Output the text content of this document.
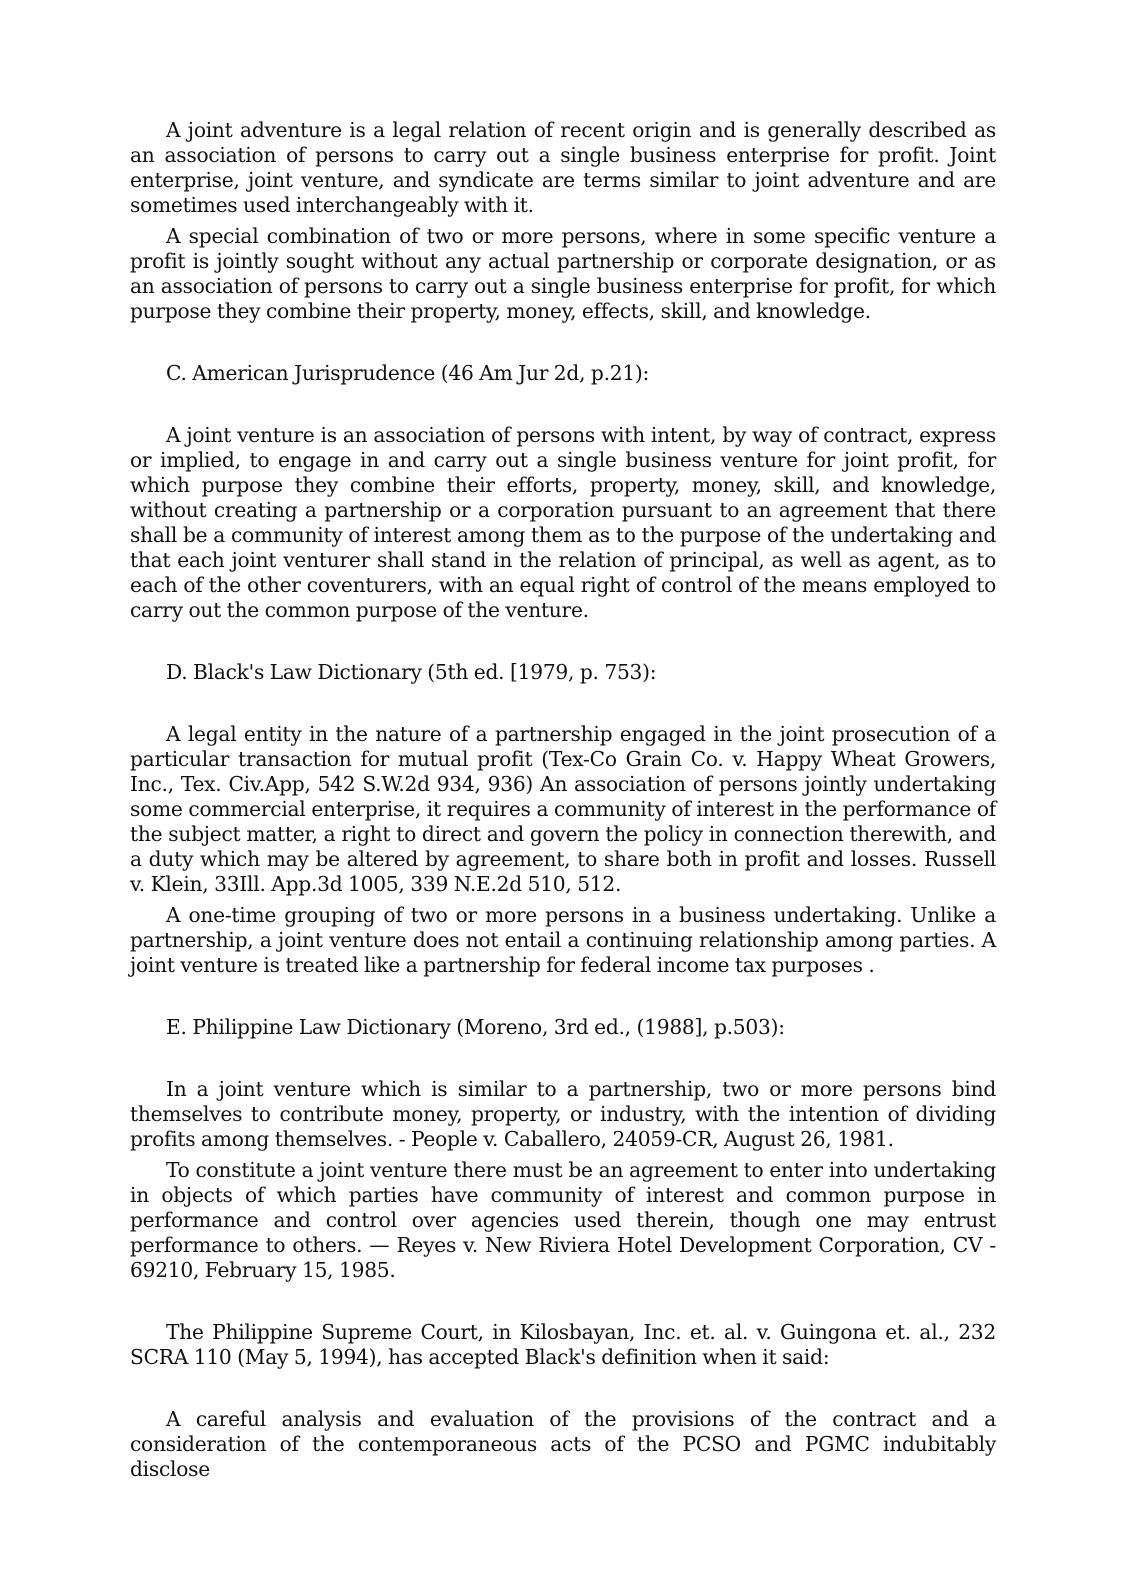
A joint adventure is a legal relation of recent origin and is generally described as an association of persons to carry out a single business enterprise for profit. Joint enterprise, joint venture, and syndicate are terms similar to joint adventure and are sometimes used interchangeably with it.

A special combination of two or more persons, where in some specific venture a profit is jointly sought without any actual partnership or corporate designation, or as an association of persons to carry out a single business enterprise for profit, for which purpose they combine their property, money, effects, skill, and knowledge.

C. American Jurisprudence (46 Am Jur 2d, p.21):

A joint venture is an association of persons with intent, by way of contract, express or implied, to engage in and carry out a single business venture for joint profit, for which purpose they combine their efforts, property, money, skill, and knowledge, without creating a partnership or a corporation pursuant to an agreement that there shall be a community of interest among them as to the purpose of the undertaking and that each joint venturer shall stand in the relation of principal, as well as agent, as to each of the other coventurers, with an equal right of control of the means employed to carry out the common purpose of the venture.

D. Black's Law Dictionary (5th ed. [1979, p. 753):

A legal entity in the nature of a partnership engaged in the joint prosecution of a particular transaction for mutual profit (Tex-Co Grain Co. v. Happy Wheat Growers, Inc., Tex. Civ.App, 542 S.W.2d 934, 936) An association of persons jointly undertaking some commercial enterprise, it requires a community of interest in the performance of the subject matter, a right to direct and govern the policy in connection therewith, and a duty which may be altered by agreement, to share both in profit and losses. Russell v. Klein, 33Ill. App.3d 1005, 339 N.E.2d 510, 512.

A one-time grouping of two or more persons in a business undertaking. Unlike a partnership, a joint venture does not entail a continuing relationship among parties. A joint venture is treated like a partnership for federal income tax purposes .

E. Philippine Law Dictionary (Moreno, 3rd ed., (1988], p.503):

In a joint venture which is similar to a partnership, two or more persons bind themselves to contribute money, property, or industry, with the intention of dividing profits among themselves. - People v. Caballero, 24059-CR, August 26, 1981.

To constitute a joint venture there must be an agreement to enter into undertaking in objects of which parties have community of interest and common purpose in performance and control over agencies used therein, though one may entrust performance to others. — Reyes v. New Riviera Hotel Development Corporation, CV - 69210, February 15, 1985.

The Philippine Supreme Court, in Kilosbayan, Inc. et. al. v. Guingona et. al., 232 SCRA 110 (May 5, 1994), has accepted Black's definition when it said:

A careful analysis and evaluation of the provisions of the contract and a consideration of the contemporaneous acts of the PCSO and PGMC indubitably disclose
